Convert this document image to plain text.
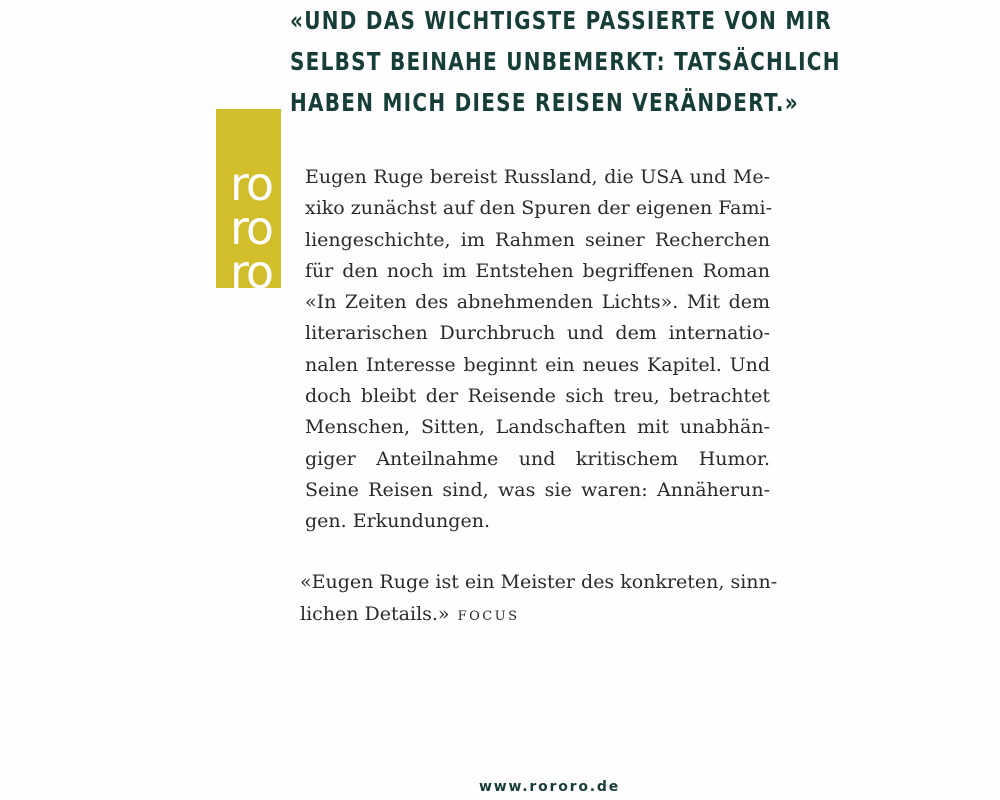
«UND DAS WICHTIGSTE PASSIERTE VON MIR
SELBST BEINAHE UNBEMERKT: TATSÄCHLICH
HABEN MICH DIESE REISEN VERÄNDERT.»
ro
ro
ro
Eugen Ruge bereist Russland, die USA und Me-
xiko zunächst auf den Spuren der eigenen Fami-
liengeschichte, im Rahmen seiner Recherchen
für den noch im Entstehen begriffenen Roman
«In Zeiten des abnehmenden Lichts». Mit dem
literarischen Durchbruch und dem internatio-
nalen Interesse beginnt ein neues Kapitel. Und
doch bleibt der Reisende sich treu, betrachtet
Menschen, Sitten, Landschaften mit unabhän-
giger Anteilnahme und kritischem Humor.
Seine Reisen sind, was sie waren: Annäherun-
gen. Erkundungen.
«Eugen Ruge ist ein Meister des konkreten, sinn-
lichen Details.» FOCUS
www.rororo.de
